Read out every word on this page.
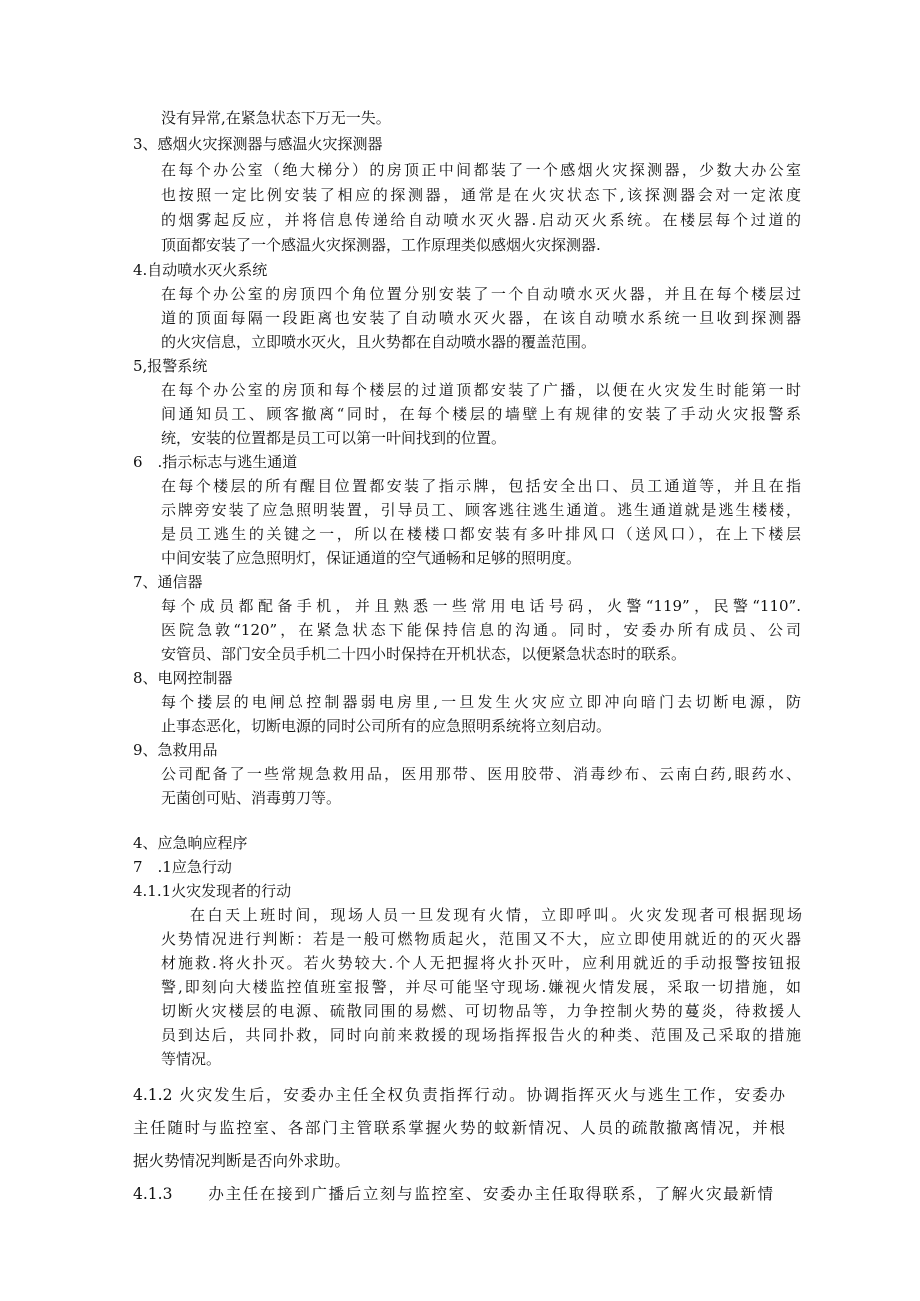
没有异常,在紧急状态下万无一失。
3、感烟火灾探测器与感温火灾探测器
在每个办公室（绝大梯分）的房顶正中间都装了一个感烟火灾探测器，少数大办公室
也按照一定比例安装了相应的探测器，通常是在火灾状态下,该探测器会对一定浓度
的烟雾起反应，并将信息传递给自动喷水灭火器.启动灭火系统。在楼层每个过道的
顶面都安装了一个感温火灾探测器，工作原理类似感烟火灾探测器.
4.自动喷水灭火系统
在每个办公室的房顶四个角位置分别安装了一个自动喷水灭火器，并且在每个楼层过
道的顶面每隔一段距离也安装了自动喷水灭火器，在该自动喷水系统一旦收到探测器
的火灾信息，立即喷水灭火，且火势都在自动喷水器的覆盖范围。
5,报警系统
在每个办公室的房顶和每个楼层的过道顶都安装了广播，以便在火灾发生时能第一时
间通知员工、顾客撤离“同时，在每个楼层的墙壁上有规律的安装了手动火灾报警系
统，安装的位置都是员工可以第一叶间找到的位置。
6　.指示标志与逃生通道
在每个楼层的所有醒目位置都安装了指示牌，包括安全出口、员工通道等，并且在指
示牌旁安装了应急照明装置，引导员工、顾客逃往逃生通道。逃生通道就是逃生楼楼，
是员工逃生的关键之一，所以在楼楼口都安装有多叶排风口（送风口），在上下楼层
中间安装了应急照明灯，保证通道的空气通畅和足够的照明度。
7、通信器
每个成员都配备手机，并且熟悉一些常用电话号码，火警“119”，民警“110”.
医院急敦“120”，在紧急状态下能保持信息的沟通。同时，安委办所有成员、公司
安管员、部门安全员手机二十四小时保持在开机状态，以便紧急状态时的联系。
8、电网控制器
每个搂层的电闸总控制器弱电房里,一旦发生火灾应立即冲向暗门去切断电源，防
止事态恶化，切断电源的同时公司所有的应急照明系统将立刻启动。
9、急救用品
公司配备了一些常规急救用品，医用那带、医用胶带、消毒纱布、云南白药,眼药水、
无菌创可贴、消毒剪刀等。
4、应急晌应程序
7　.1应急行动
4.1.1火灾发现者的行动
在白天上班时间，现场人员一旦发现有火情，立即呼叫。火灾发现者可根据现场
火势情况进行判断：若是一般可燃物质起火，范围又不大，应立即使用就近的的灭火器
材施救.将火扑灭。若火势较大.个人无把握将火扑灭叶，应利用就近的手动报警按钮报
警,即刻向大楼监控值班室报警，并尽可能坚守现场.嫌视火情发展，采取一切措施，如
切断火灾楼层的电源、硫散同围的易燃、可切物品等，力争控制火势的蔓炎，待救援人
员到达后，共同扑救，同时向前来救援的现场指挥报告火的种类、范围及己采取的措施
等情况。
4.1.2 火灾发生后，安委办主任全权负责指挥行动。协调指挥灭火与逃生工作，安委办
主任随时与监控室、各部门主管联系掌握火势的蚊新情况、人员的疏散撤离情况，并根
据火势情况判断是否向外求助。
4.1.3　　办主任在接到广播后立刻与监控室、安委办主任取得联系，了解火灾最新情
